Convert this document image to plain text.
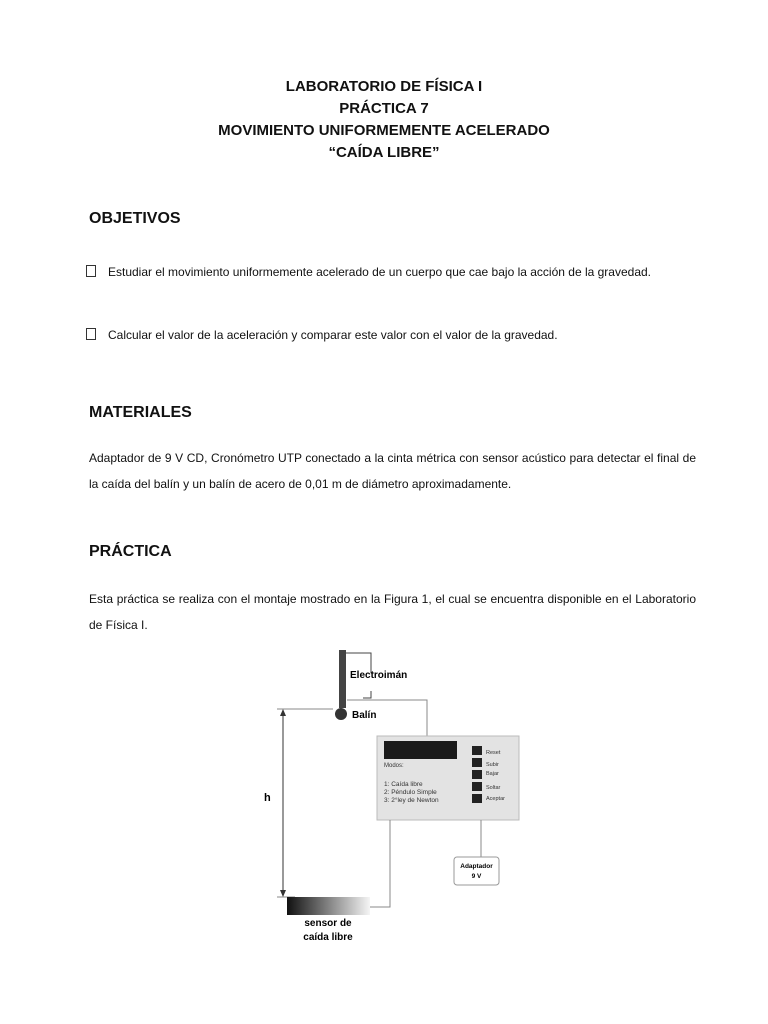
LABORATORIO DE FÍSICA I
PRÁCTICA 7
MOVIMIENTO UNIFORMEMENTE ACELERADO
“CAÍDA LIBRE”
OBJETIVOS
Estudiar el movimiento uniformemente acelerado de un cuerpo que cae bajo la acción de la gravedad.
Calcular el valor de la aceleración y comparar este valor con el valor de la gravedad.
MATERIALES
Adaptador de 9 V CD, Cronómetro UTP conectado a la cinta métrica con sensor acústico para detectar el final de la caída del balín y un balín de acero de 0,01 m de diámetro aproximadamente.
PRÁCTICA
Esta práctica se realiza con el montaje mostrado en la Figura 1, el cual se encuentra disponible en el Laboratorio de Física I.
Electroimán
Balín
h
Modos:
1: Caída libre
2: Péndulo Simple
3: 2°ley de Newton
Reset
Subir
Bajar
Soltar
Aceptar
Adaptador
9 V
sensor de
caída libre
